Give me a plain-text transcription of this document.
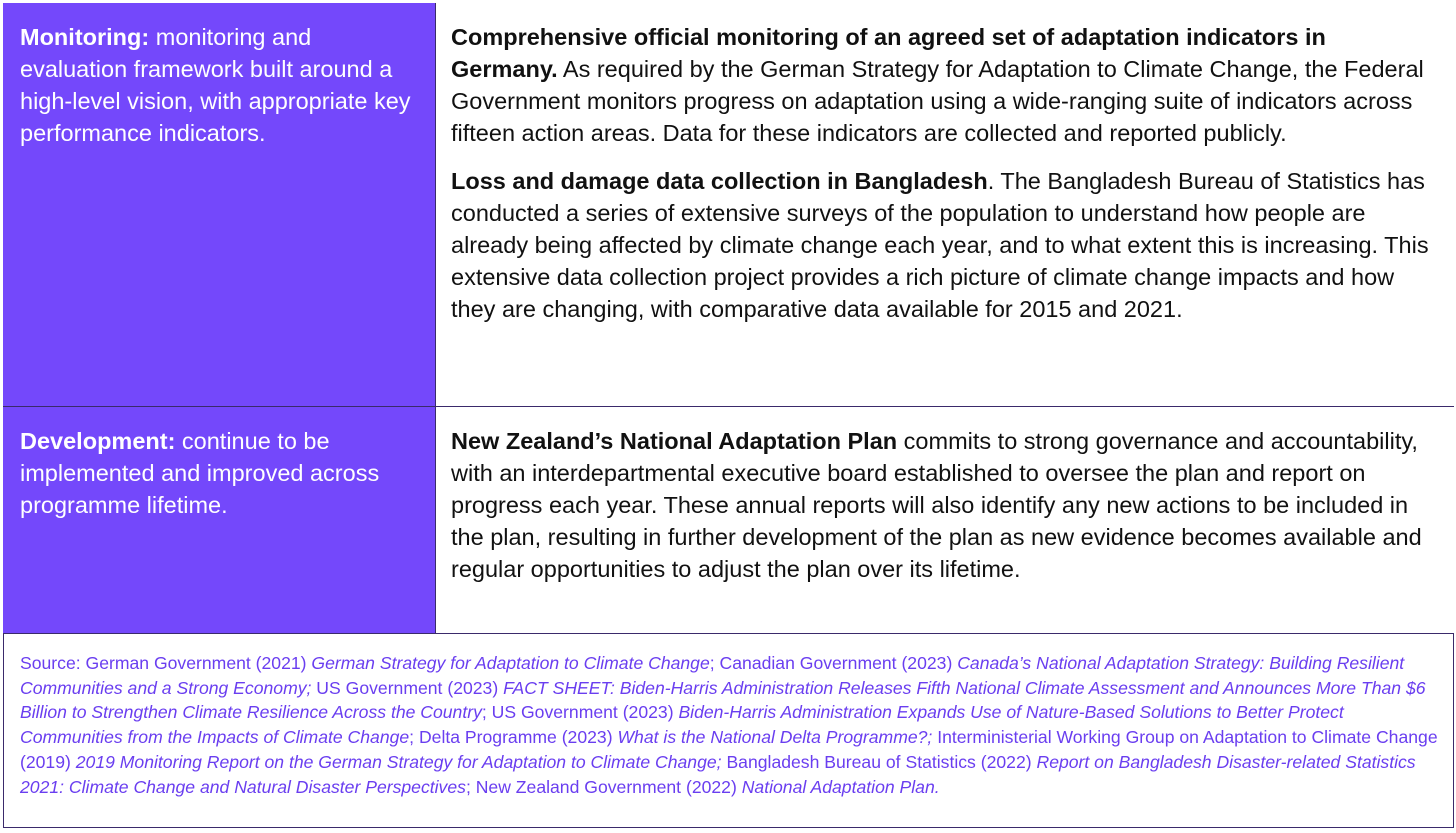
Monitoring: monitoring and evaluation framework built around a high-level vision, with appropriate key performance indicators.

Comprehensive official monitoring of an agreed set of adaptation indicators in Germany. As required by the German Strategy for Adaptation to Climate Change, the Federal Government monitors progress on adaptation using a wide-ranging suite of indicators across fifteen action areas. Data for these indicators are collected and reported publicly.

Loss and damage data collection in Bangladesh. The Bangladesh Bureau of Statistics has conducted a series of extensive surveys of the population to understand how people are already being affected by climate change each year, and to what extent this is increasing. This extensive data collection project provides a rich picture of climate change impacts and how they are changing, with comparative data available for 2015 and 2021.

Development: continue to be implemented and improved across programme lifetime.

New Zealand’s National Adaptation Plan commits to strong governance and accountability, with an interdepartmental executive board established to oversee the plan and report on progress each year. These annual reports will also identify any new actions to be included in the plan, resulting in further development of the plan as new evidence becomes available and regular opportunities to adjust the plan over its lifetime.

Source: German Government (2021) German Strategy for Adaptation to Climate Change; Canadian Government (2023) Canada’s National Adaptation Strategy: Building Resilient Communities and a Strong Economy; US Government (2023) FACT SHEET: Biden-Harris Administration Releases Fifth National Climate Assessment and Announces More Than $6 Billion to Strengthen Climate Resilience Across the Country; US Government (2023) Biden-Harris Administration Expands Use of Nature-Based Solutions to Better Protect Communities from the Impacts of Climate Change; Delta Programme (2023) What is the National Delta Programme?; Interministerial Working Group on Adaptation to Climate Change (2019) 2019 Monitoring Report on the German Strategy for Adaptation to Climate Change; Bangladesh Bureau of Statistics (2022) Report on Bangladesh Disaster-related Statistics 2021: Climate Change and Natural Disaster Perspectives; New Zealand Government (2022) National Adaptation Plan.
